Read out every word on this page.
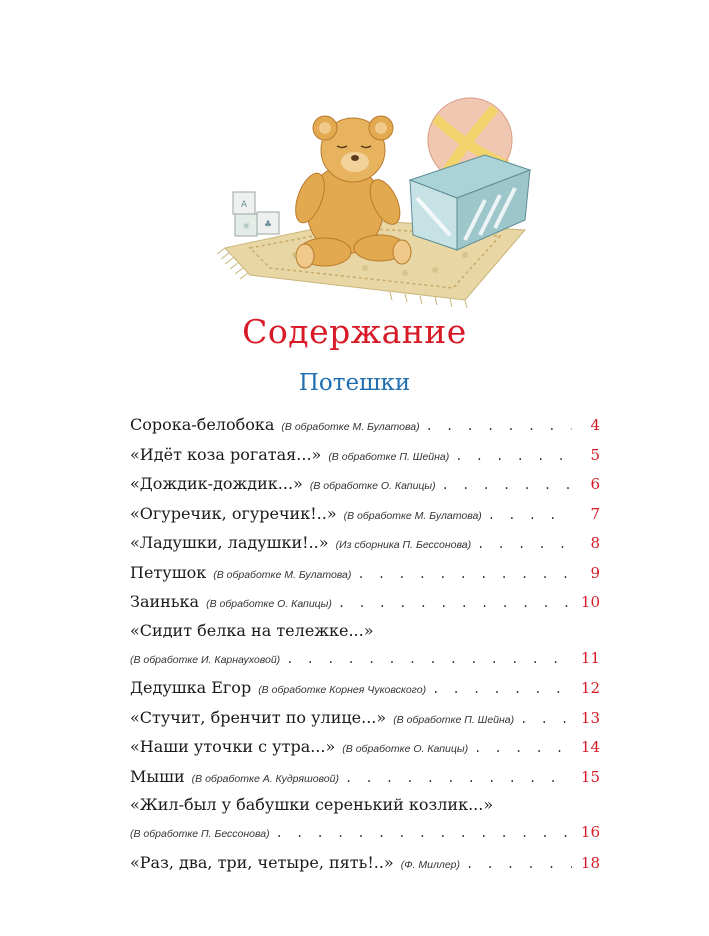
A
☼ ♣
Содержание
Потешки
Сорока-белобока (В обработке М. Булатова) . . .	4
«Идёт коза рогатая...» (В обработке П. Шейна) . . .	5
«Дождик-дождик...» (В обработке О. Капицы) . . .	6
«Огуречик, огуречик!..» (В обработке М. Булатова) . . .	7
«Ладушки, ладушки!..» (Из сборника П. Бессонова) . . .	8
Петушок (В обработке М. Булатова) . . .	9
Заинька (В обработке О. Капицы) . . .	10
«Сидит белка на тележке...»
(В обработке И. Карнауховой) . . .	11
Дедушка Егор (В обработке Корнея Чуковского) . . .	12
«Стучит, бренчит по улице...» (В обработке П. Шейна) . . .	13
«Наши уточки с утра...» (В обработке О. Капицы) . . .	14
Мыши (В обработке А. Кудряшовой) . . .	15
«Жил-был у бабушки серенький козлик...»
(В обработке П. Бессонова) . . .	16
«Раз, два, три, четыре, пять!..» (Ф. Миллер) . . .	18
